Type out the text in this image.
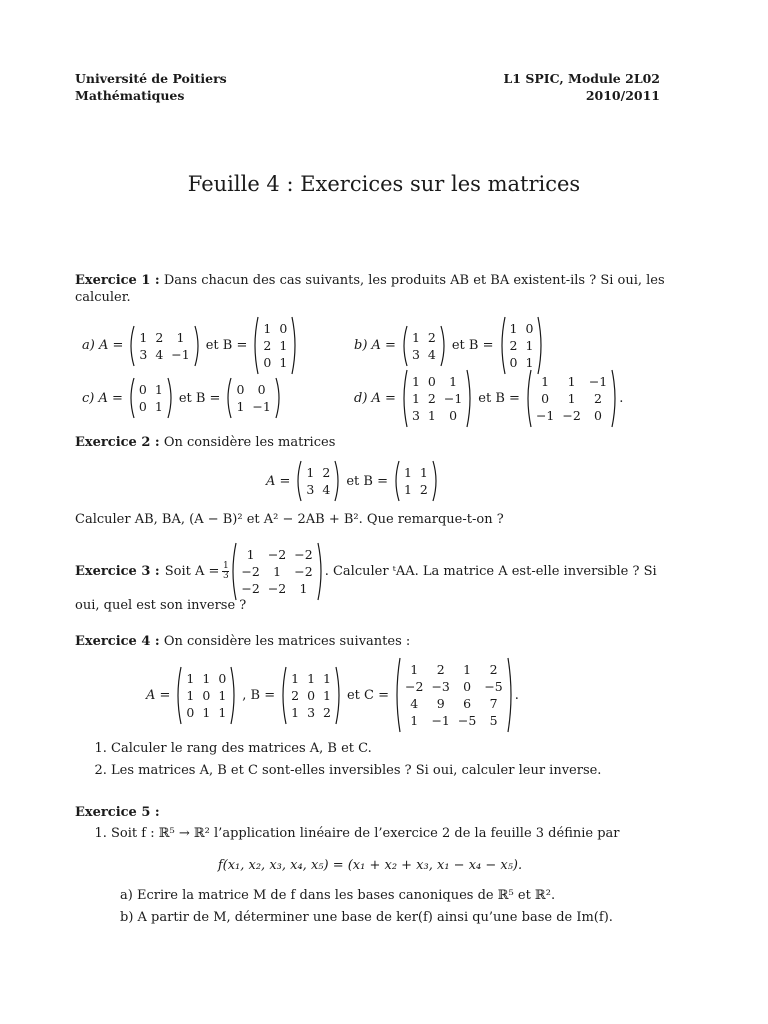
Université de Poitiers
Mathématiques
L1 SPIC, Module 2L02
2010/2011
Feuille 4 : Exercices sur les matrices
Exercice 1 : Dans chacun des cas suivants, les produits AB et BA existent-ils ? Si oui, les calculer.
a) A =
1	2	1
3	4	−1
et B =
1	0
2	1
0	1
b) A =
1	2
3	4
et B =
1	0
2	1
0	1
c) A =
0	1
0	1
et B =
0	0
1	−1
d) A =
1	0	1
1	2	−1
3	1	0
et B =
1	1	−1
0	1	2
−1	−2	0
.
Exercice 2 : On considère les matrices
A =
1	2
3	4
et B =
1	1
1	2
Calculer AB, BA, (A − B)² et A² − 2AB + B². Que remarque-t-on ?
Exercice 3 : Soit A = 1
3
1	−2	−2
−2	1	−2
−2	−2	1
. Calculer ᵗAA. La matrice A est-elle inversible ? Si
oui, quel est son inverse ?
Exercice 4 : On considère les matrices suivantes :
A =
1	1	0
1	0	1
0	1	1
, B =
1	1	1
2	0	1
1	3	2
et C =
1	2	1	2
−2	−3	0	−5
4	9	6	7
1	−1	−5	5
.
1. Calculer le rang des matrices A, B et C.
2. Les matrices A, B et C sont-elles inversibles ? Si oui, calculer leur inverse.
Exercice 5 :
1. Soit f : ℝ⁵ → ℝ² l’application linéaire de l’exercice 2 de la feuille 3 définie par
f(x₁, x₂, x₃, x₄, x₅) = (x₁ + x₂ + x₃, x₁ − x₄ − x₅).
a) Ecrire la matrice M de f dans les bases canoniques de ℝ⁵ et ℝ².
b) A partir de M, déterminer une base de ker(f) ainsi qu’une base de Im(f).
